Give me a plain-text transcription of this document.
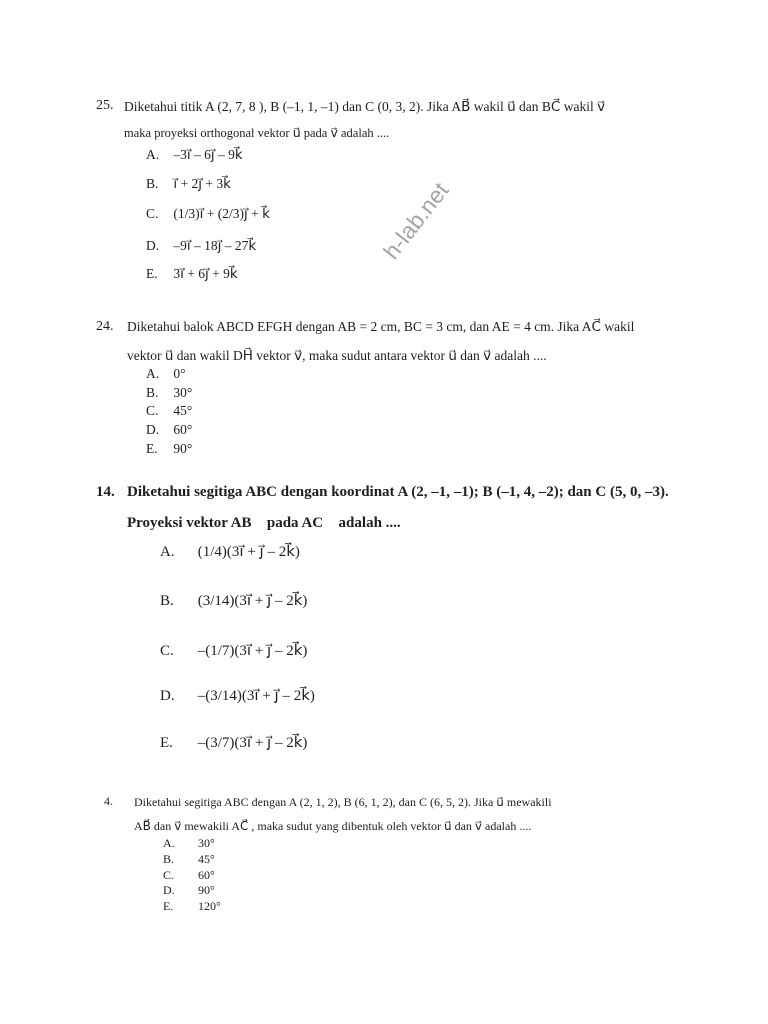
h-lab.net
25. Diketahui titik A (2, 7, 8 ), B (–1, 1, –1) dan C (0, 3, 2). Jika AB⃗ wakil u⃗ dan BC⃗ wakil v⃗
maka proyeksi orthogonal vektor u⃗ pada v⃗ adalah ....
A. –3i⃗ – 6j⃗ – 9k⃗
B. i⃗ + 2j⃗ + 3k⃗
C. (1/3)i⃗ + (2/3)j⃗ + k⃗
D. –9i⃗ – 18j⃗ – 27k⃗
E. 3i⃗ + 6j⃗ + 9k⃗
24. Diketahui balok ABCD EFGH dengan AB = 2 cm, BC = 3 cm, dan AE = 4 cm. Jika AC⃗ wakil
vektor u⃗ dan wakil DH⃗ vektor v⃗, maka sudut antara vektor u⃗ dan v⃗ adalah ....
A. 0°
B. 30°
C. 45°
D. 60°
E. 90°
14. Diketahui segitiga ABC dengan koordinat A (2, –1, –1); B (–1, 4, –2); dan C (5, 0, –3).
Proyeksi vektor AB⃗ pada AC⃗ adalah ....
A. (1/4)(3i⃗ + j⃗ – 2k⃗)
B. (3/14)(3i⃗ + j⃗ – 2k⃗)
C. –(1/7)(3i⃗ + j⃗ – 2k⃗)
D. –(3/14)(3i⃗ + j⃗ – 2k⃗)
E. –(3/7)(3i⃗ + j⃗ – 2k⃗)
4. Diketahui segitiga ABC dengan A (2, 1, 2), B (6, 1, 2), dan C (6, 5, 2). Jika u⃗ mewakili
AB⃗ dan v⃗ mewakili AC⃗ , maka sudut yang dibentuk oleh vektor u⃗ dan v⃗ adalah ....
A. 30°
B. 45°
C. 60°
D. 90°
E. 120°
